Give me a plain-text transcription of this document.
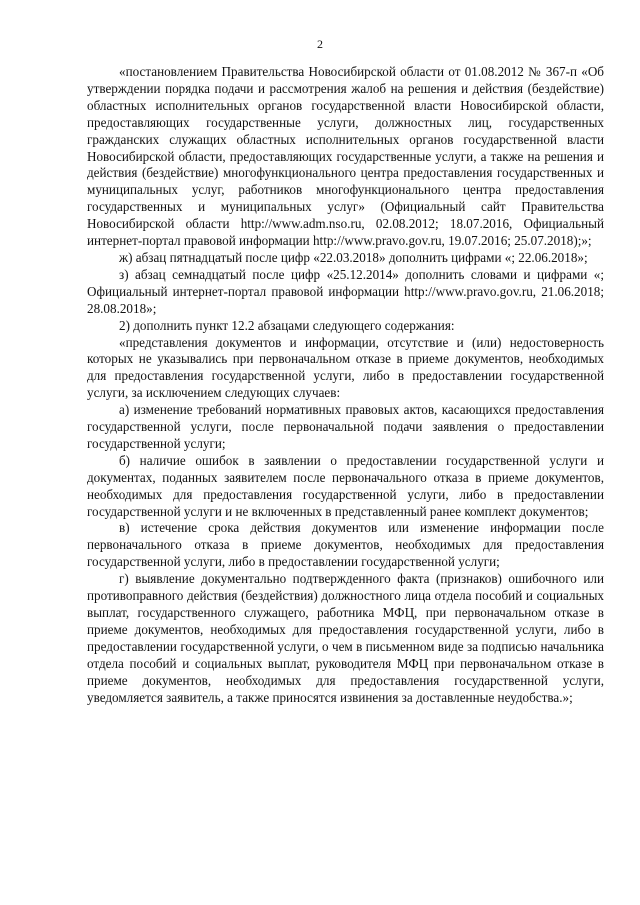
2

«постановлением Правительства Новосибирской области от 01.08.2012 № 367-п «Об утверждении порядка подачи и рассмотрения жалоб на решения и действия (бездействие) областных исполнительных органов государственной власти Новосибирской области, предоставляющих государственные услуги, должностных лиц, государственных гражданских служащих областных исполнительных органов государственной власти Новосибирской области, предоставляющих государственные услуги, а также на решения и действия (бездействие) многофункционального центра предоставления государственных и муниципальных услуг, работников многофункционального центра предоставления государственных и муниципальных услуг» (Официальный сайт Правительства Новосибирской области http://www.adm.nso.ru, 02.08.2012; 18.07.2016, Официальный интернет-портал правовой информации http://www.pravo.gov.ru, 19.07.2016; 25.07.2018);»;

ж) абзац пятнадцатый после цифр «22.03.2018» дополнить цифрами «; 22.06.2018»;

з) абзац семнадцатый после цифр «25.12.2014» дополнить словами и цифрами «; Официальный интернет-портал правовой информации http://www.pravo.gov.ru, 21.06.2018; 28.08.2018»;

2) дополнить пункт 12.2 абзацами следующего содержания:

«представления документов и информации, отсутствие и (или) недостоверность которых не указывались при первоначальном отказе в приеме документов, необходимых для предоставления государственной услуги, либо в предоставлении государственной услуги, за исключением следующих случаев:

а) изменение требований нормативных правовых актов, касающихся предоставления государственной услуги, после первоначальной подачи заявления о предоставлении государственной услуги;

б) наличие ошибок в заявлении о предоставлении государственной услуги и документах, поданных заявителем после первоначального отказа в приеме документов, необходимых для предоставления государственной услуги, либо в предоставлении государственной услуги и не включенных в представленный ранее комплект документов;

в) истечение срока действия документов или изменение информации после первоначального отказа в приеме документов, необходимых для предоставления государственной услуги, либо в предоставлении государственной услуги;

г) выявление документально подтвержденного факта (признаков) ошибочного или противоправного действия (бездействия) должностного лица отдела пособий и социальных выплат, государственного служащего, работника МФЦ, при первоначальном отказе в приеме документов, необходимых для предоставления государственной услуги, либо в предоставлении государственной услуги, о чем в письменном виде за подписью начальника отдела пособий и социальных выплат, руководителя МФЦ при первоначальном отказе в приеме документов, необходимых для предоставления государственной услуги, уведомляется заявитель, а также приносятся извинения за доставленные неудобства.»;
